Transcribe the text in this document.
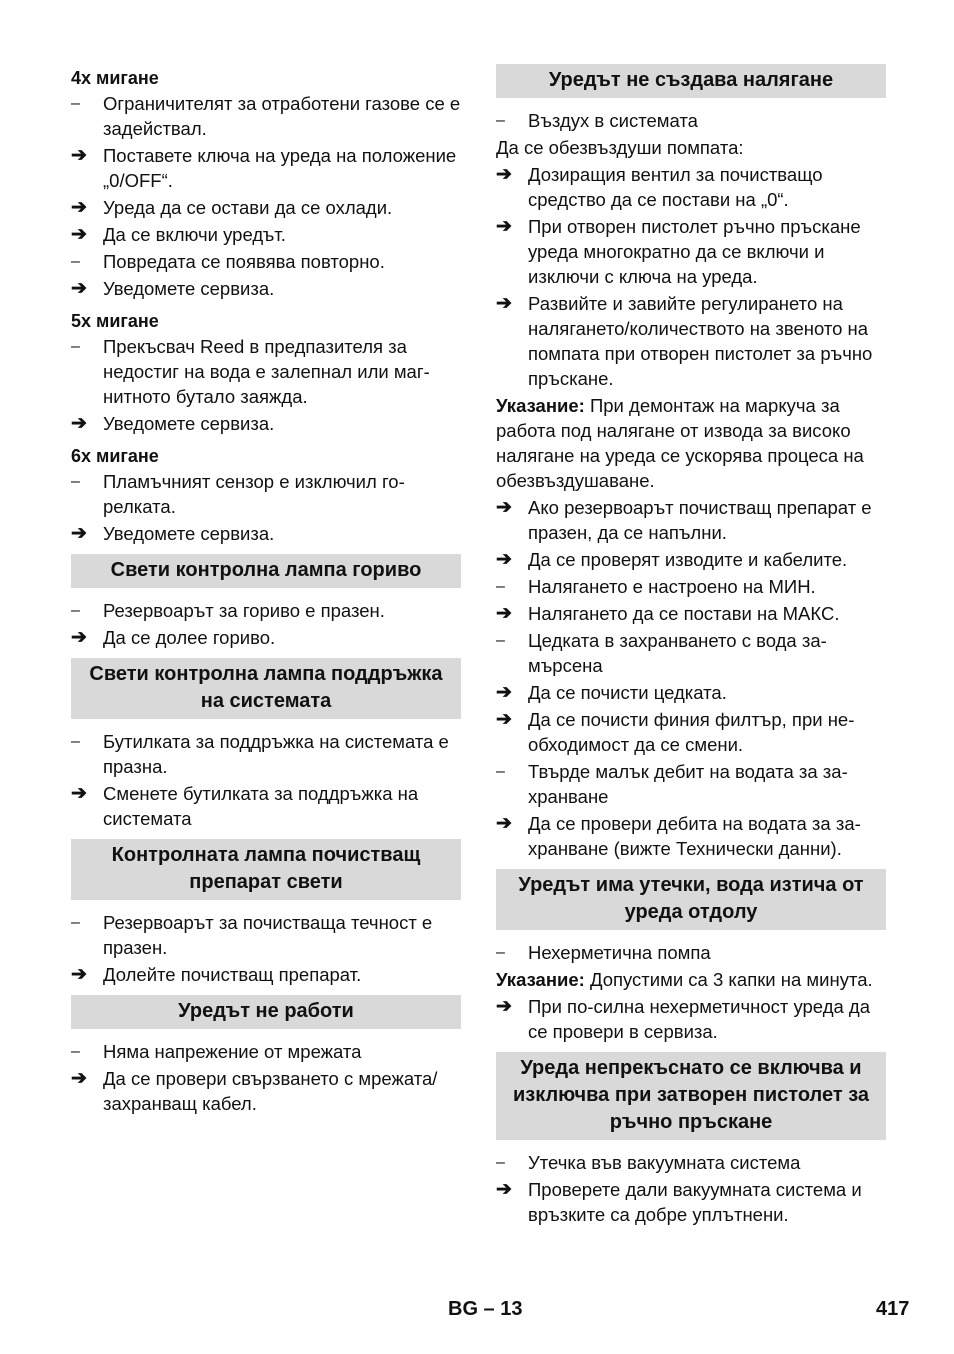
4x мигане
–	Ограничителят за отработени газове се е задействал.
➔ Поставете ключа на уреда на положение „0/OFF“.
➔ Уреда да се остави да се охлади.
➔ Да се включи уредът.
–	Повредата се появява повторно.
➔ Уведомете сервиза.
5x мигане
–	Прекъсвач Reed в предпазителя за недостиг на вода е залепнал или магнитното бутало заяжда.
➔ Уведомете сервиза.
6x мигане
–	Пламъчният сензор е изключил горелката.
➔ Уведомете сервиза.
Свети контролна лампа гориво
–	Резервоарът за гориво е празен.
➔ Да се долее гориво.
Свети контролна лампа поддръжка на системата
–	Бутилката за поддръжка на системата е празна.
➔ Сменете бутилката за поддръжка на системата
Контролната лампа почистващ препарат свети
–	Резервоарът за почистваща течност е празен.
➔ Долейте почистващ препарат.
Уредът не работи
–	Няма напрежение от мрежата
➔ Да се провери свързването с мрежата/захранващ кабел.
Уредът не създава налягане
–	Въздух в системата
Да се обезвъздуши помпата:
➔ Дозиращия вентил за почистващо средство да се постави на „0“.
➔ При отворен пистолет ръчно пръскане уреда многократно да се включи и изключи с ключа на уреда.
➔ Развийте и завийте регулирането на налягането/количеството на звеното на помпата при отворен пистолет за ръчно пръскане.
Указание: При демонтаж на маркуча за работа под налягане от извода за високо налягане на уреда се ускорява процеса на обезвъздушаване.
➔ Ако резервоарът почистващ препарат е празен, да се напълни.
➔ Да се проверят изводите и кабелите.
–	Налягането е настроено на МИН.
➔ Налягането да се постави на МАКС.
–	Цедката в захранването с вода замърсена
➔ Да се почисти цедката.
➔ Да се почисти финия филтър, при необходимост да се смени.
–	Твърде малък дебит на водата за захранване
➔ Да се провери дебита на водата за захранване (вижте Технически данни).
Уредът има утечки, вода изтича от уреда отдолу
–	Нехерметична помпа
Указание: Допустими са 3 капки на минута.
➔ При по-силна нехерметичност уреда да се провери в сервиза.
Уреда непрекъснато се включва и изключва при затворен пистолет за ръчно пръскане
–	Утечка във вакуумната система
➔ Проверете дали вакуумната система и връзките са добре уплътнени.
BG – 13	417
